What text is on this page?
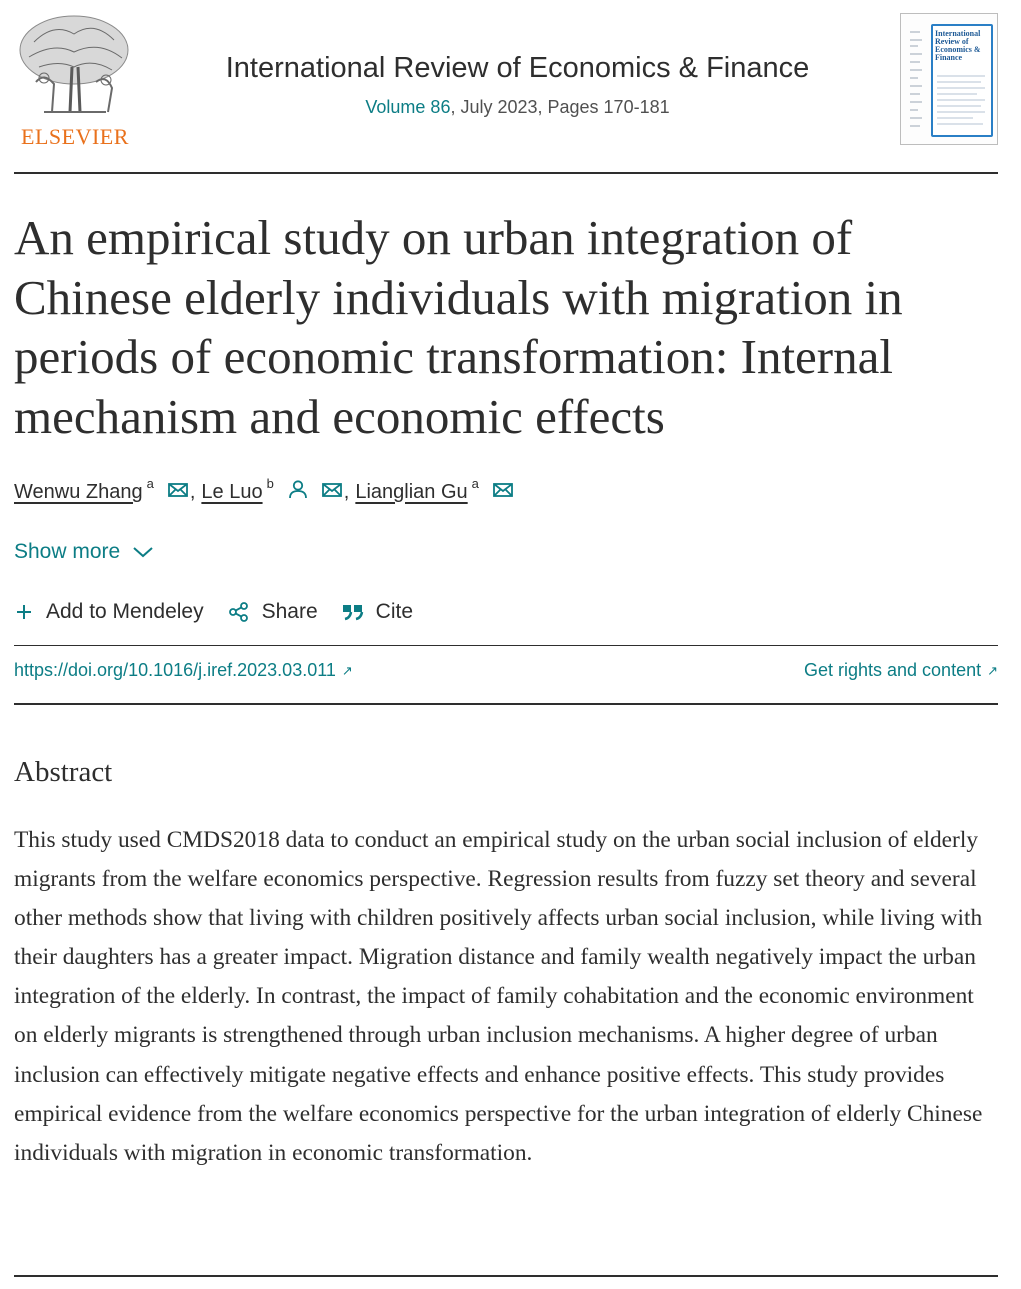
ELSEVIER
International Review of Economics & Finance
Volume 86, July 2023, Pages 170-181
International Review of Economics & Finance
An empirical study on urban integration of Chinese elderly individuals with migration in periods of economic transformation: Internal mechanism and economic effects
Wenwu Zhang a , Le Luo b	, Lianglian Gu a
Show more
Add to Mendeley	Share	Cite
https://doi.org/10.1016/j.iref.2023.03.011 ↗	Get rights and content ↗
Abstract

This study used CMDS2018 data to conduct an empirical study on the urban social inclusion of elderly migrants from the welfare economics perspective. Regression results from fuzzy set theory and several other methods show that living with children positively affects urban social inclusion, while living with their daughters has a greater impact. Migration distance and family wealth negatively impact the urban integration of the elderly. In contrast, the impact of family cohabitation and the economic environment on elderly migrants is strengthened through urban inclusion mechanisms. A higher degree of urban inclusion can effectively mitigate negative effects and enhance positive effects. This study provides empirical evidence from the welfare economics perspective for the urban integration of elderly Chinese individuals with migration in economic transformation.
